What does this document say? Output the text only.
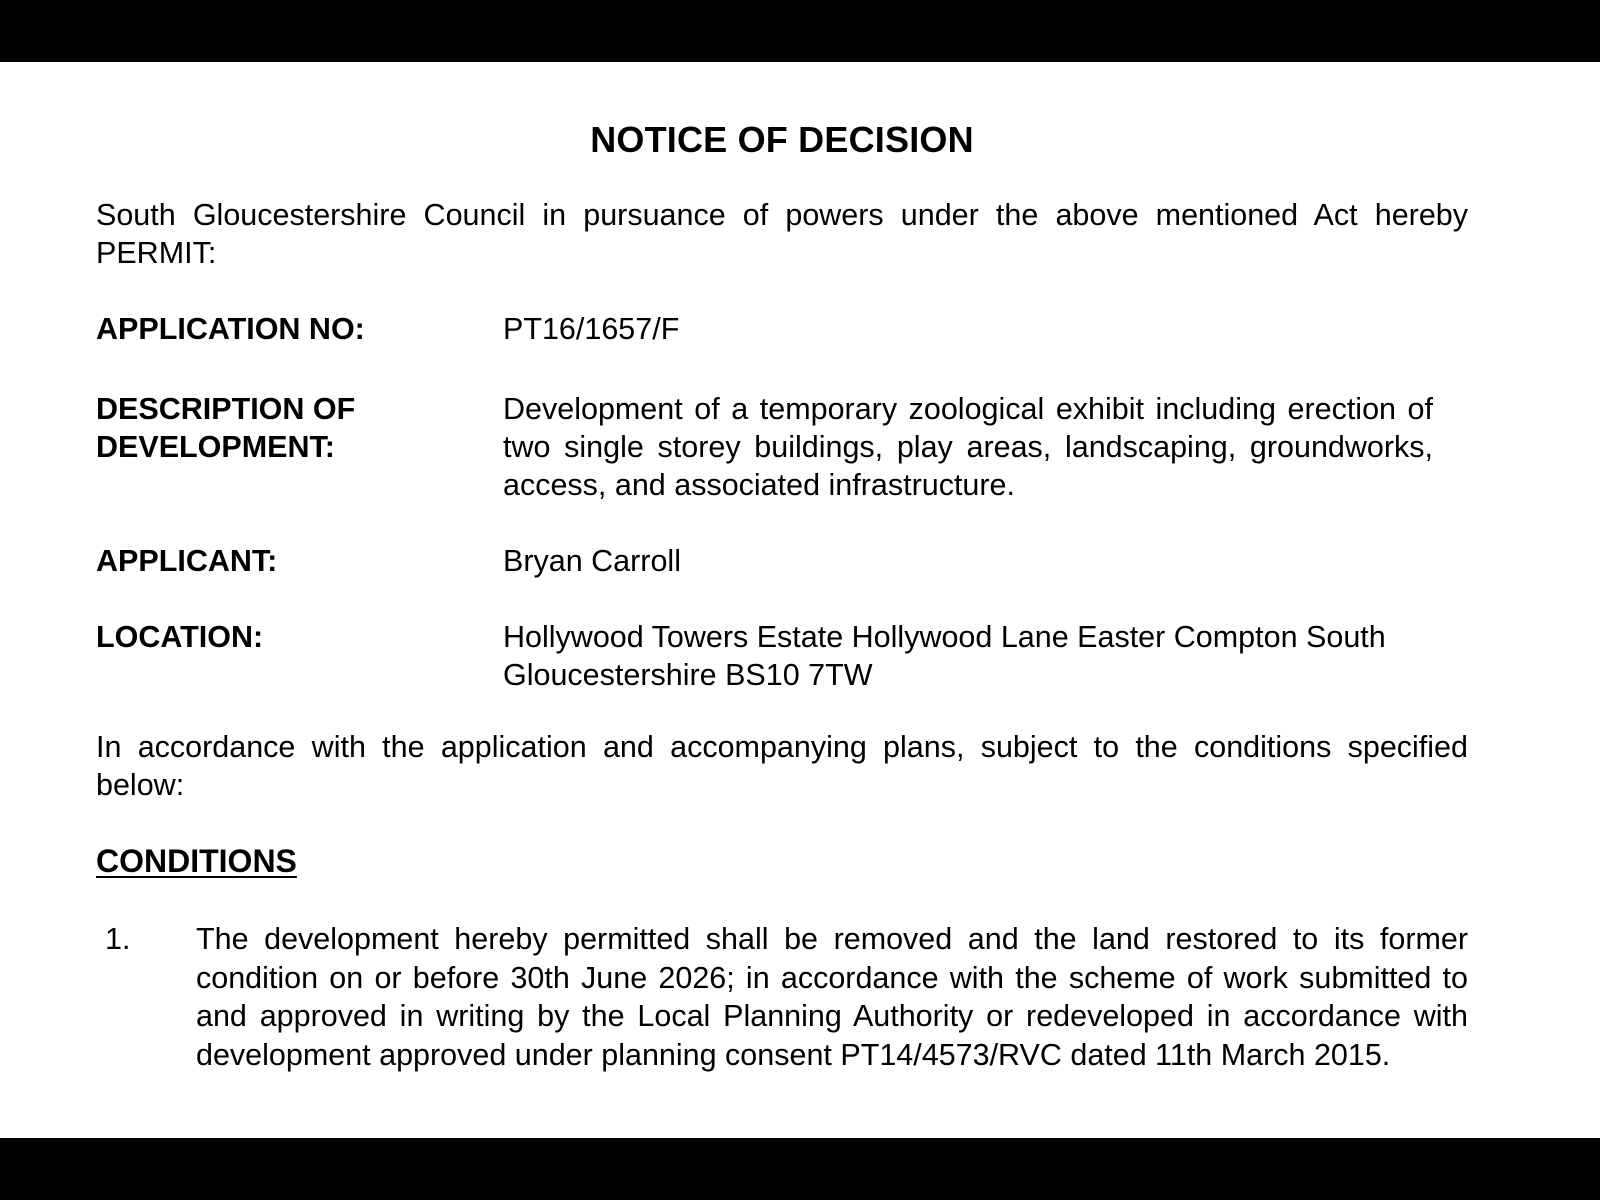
NOTICE OF DECISION
South Gloucestershire Council in pursuance of powers under the above mentioned Act hereby PERMIT:
APPLICATION NO:	PT16/1657/F
DESCRIPTION OF DEVELOPMENT:
Development of a temporary zoological exhibit including erection of two single storey buildings, play areas, landscaping, groundworks, access, and associated infrastructure.
APPLICANT:	Bryan Carroll
LOCATION:	Hollywood Towers Estate Hollywood Lane Easter Compton South Gloucestershire BS10 7TW
In accordance with the application and accompanying plans, subject to the conditions specified below:
CONDITIONS
1. The development hereby permitted shall be removed and the land restored to its former condition on or before 30th June 2026; in accordance with the scheme of work submitted to and approved in writing by the Local Planning Authority or redeveloped in accordance with development approved under planning consent PT14/4573/RVC dated 11th March 2015.
